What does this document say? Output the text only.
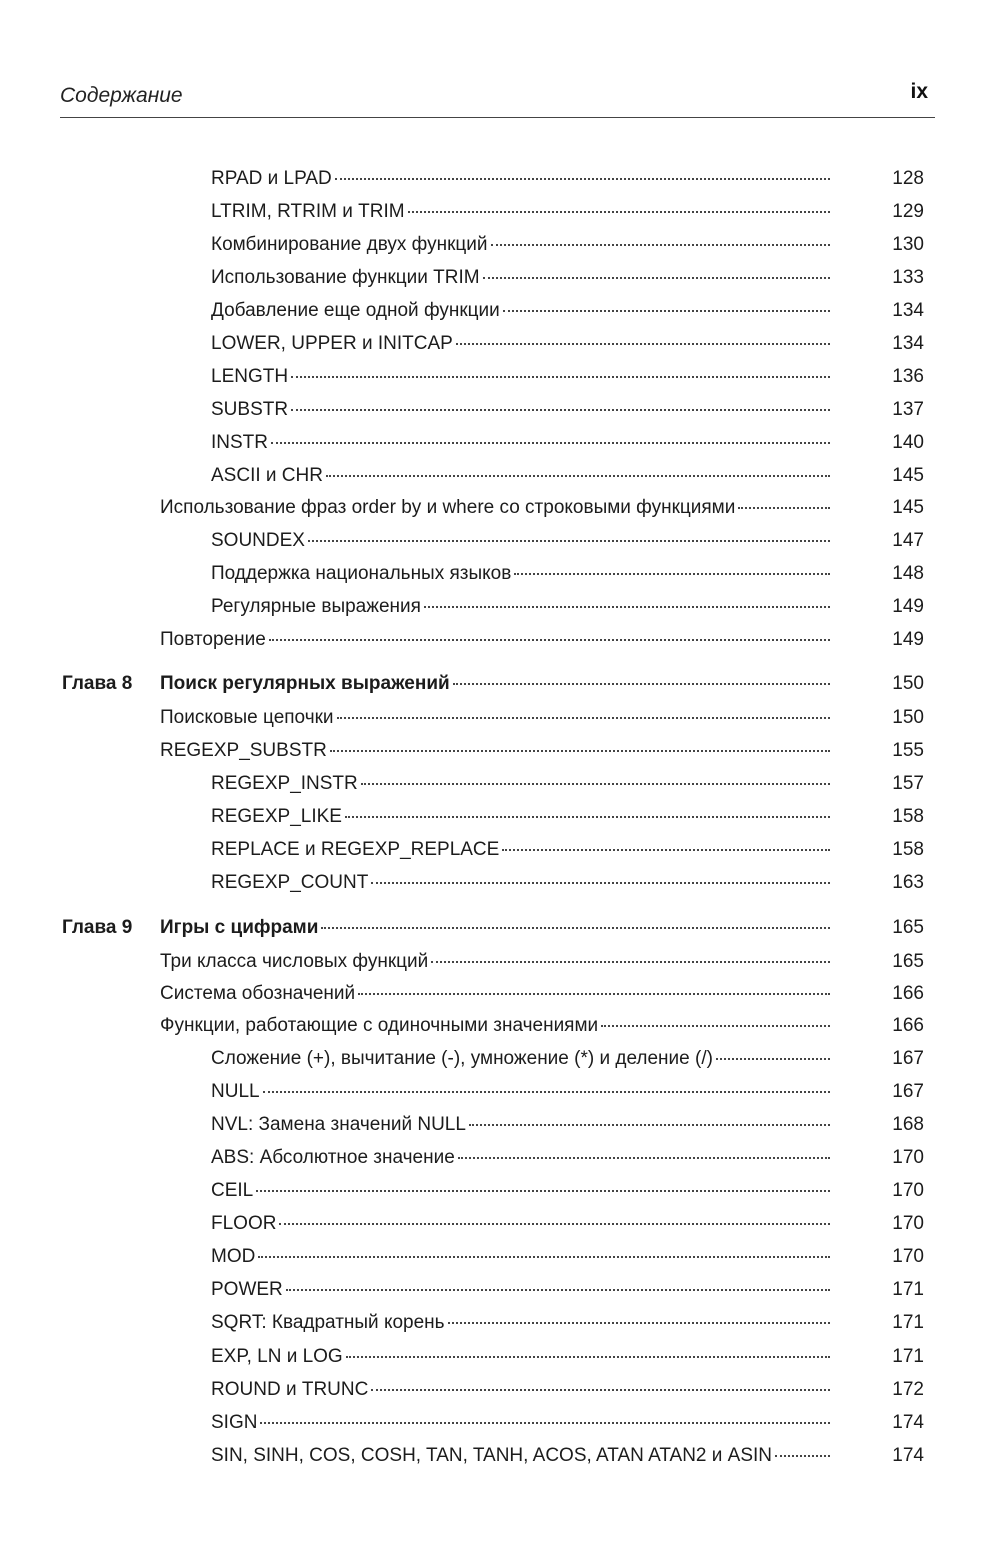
Содержание	ix
RPAD и LPAD	128
LTRIM, RTRIM и TRIM	129
Комбинирование двух функций	130
Использование функции TRIM	133
Добавление еще одной функции	134
LOWER, UPPER и INITCAP	134
LENGTH	136
SUBSTR	137
INSTR	140
ASCII и CHR	145
Использование фраз order by и where со строковыми функциями	145
SOUNDEX	147
Поддержка национальных языков	148
Регулярные выражения	149
Повторение	149
Глава 8 Поиск регулярных выражений	150
Поисковые цепочки	150
REGEXP_SUBSTR	155
REGEXP_INSTR	157
REGEXP_LIKE	158
REPLACE и REGEXP_REPLACE	158
REGEXP_COUNT	163
Глава 9 Игры с цифрами	165
Три класса числовых функций	165
Система обозначений	166
Функции, работающие с одиночными значениями	166
Сложение (+), вычитание (-), умножение (*) и деление (/)	167
NULL	167
NVL: Замена значений NULL	168
ABS: Абсолютное значение	170
CEIL	170
FLOOR	170
MOD	170
POWER	171
SQRT: Квадратный корень	171
EXP, LN и LOG	171
ROUND и TRUNC	172
SIGN	174
SIN, SINH, COS, COSH, TAN, TANH, ACOS, ATAN ATAN2 и ASIN	174
